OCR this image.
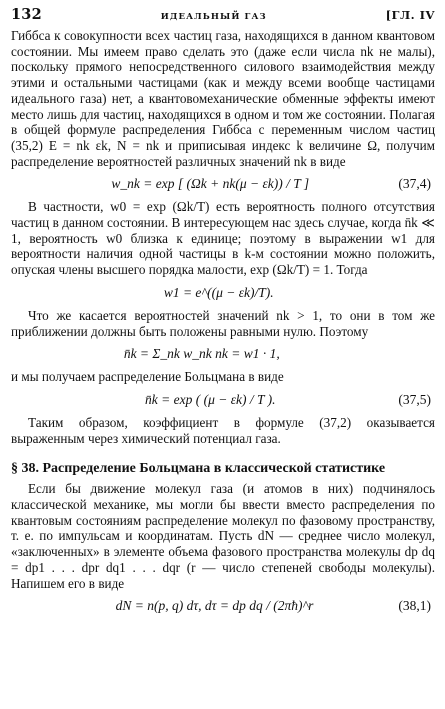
132	ИДЕАЛЬНЫЙ ГАЗ	[ГЛ. IV

Гиббса к совокупности всех частиц газа, находящихся в данном квантовом состоянии. Мы имеем право сделать это (даже если числа nk не малы), поскольку прямого непосредственного силового взаимодействия между этими и остальными частицами (как и между всеми вообще частицами идеального газа) нет, а квантовомеханические обменные эффекты имеют место лишь для частиц, находящихся в одном и том же состоянии. Полагая в общей формуле распределения Гиббса с переменным числом частиц (35,2) E = nk εk, N = nk и приписывая индекс k величине Ω, получим распределение вероятностей различных значений nk в виде

w_nk = exp [ (Ωk + nk(μ − εk)) / T ]	(37,4)

В частности, w0 = exp (Ωk/T) есть вероятность полного отсутствия частиц в данном состоянии. В интересующем нас здесь случае, когда n̄k ≪ 1, вероятность w0 близка к единице; поэтому в выражении w1 для вероятности наличия одной частицы в k-м состоянии можно положить, опуская члены высшего порядка малости, exp (Ωk/T) = 1. Тогда

w1 = e^((μ − εk)/T).

Что же касается вероятностей значений nk > 1, то они в том же приближении должны быть положены равными нулю. Поэтому

n̄k = Σ_nk w_nk nk = w1 · 1,

и мы получаем распределение Больцмана в виде

n̄k = exp ( (μ − εk) / T ).	(37,5)

Таким образом, коэффициент в формуле (37,2) оказывается выраженным через химический потенциал газа.

§ 38. Распределение Больцмана в классической статистике

Если бы движение молекул газа (и атомов в них) подчинялось классической механике, мы могли бы ввести вместо распределения по квантовым состояниям распределение молекул по фазовому пространству, т. е. по импульсам и координатам. Пусть dN — среднее число молекул, «заключенных» в элементе объема фазового пространства молекулы dp dq = dp1 . . . dpr dq1 . . . dqr (r — число степеней свободы молекулы). Напишем его в виде

dN = n(p, q) dτ, dτ = dp dq / (2πħ)^r	(38,1)
